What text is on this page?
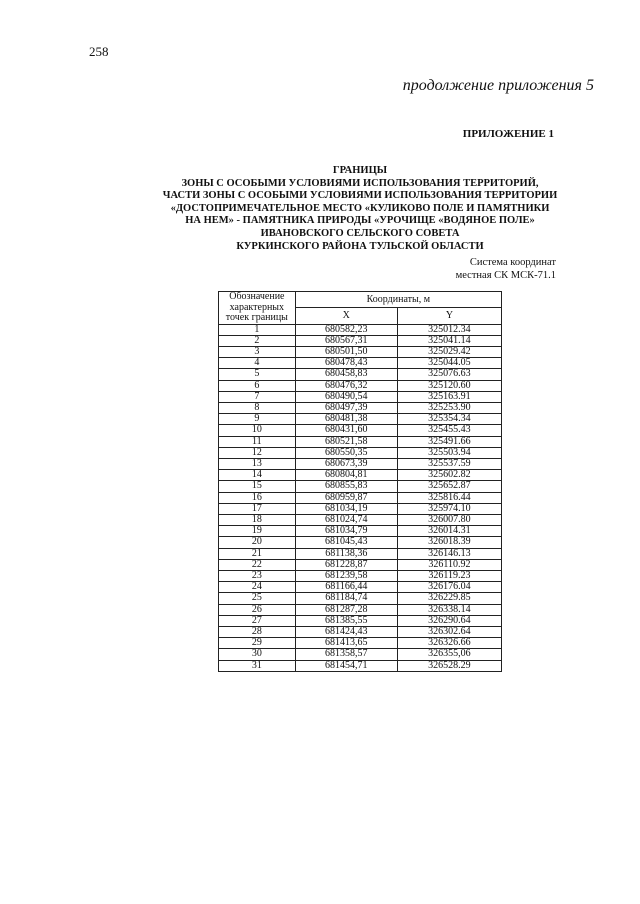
258
продолжение приложения 5
ПРИЛОЖЕНИЕ 1
ГРАНИЦЫ
ЗОНЫ С ОСОБЫМИ УСЛОВИЯМИ ИСПОЛЬЗОВАНИЯ ТЕРРИТОРИЙ,
ЧАСТИ ЗОНЫ С ОСОБЫМИ УСЛОВИЯМИ ИСПОЛЬЗОВАНИЯ ТЕРРИТОРИИ
«ДОСТОПРИМЕЧАТЕЛЬНОЕ МЕСТО «КУЛИКОВО ПОЛЕ И ПАМЯТНИКИ
НА НЕМ» - ПАМЯТНИКА ПРИРОДЫ «УРОЧИЩЕ «ВОДЯНОЕ ПОЛЕ»
ИВАНОВСКОГО СЕЛЬСКОГО СОВЕТА
КУРКИНСКОГО РАЙОНА ТУЛЬСКОЙ ОБЛАСТИ
Система координат
местная СК МСК-71.1
Обозначение характерных точек границы	Координаты, м	
	X	Y
1	680582,23	325012.34
2	680567,31	325041.14
3	680501,50	325029.42
4	680478,43	325044.05
5	680458,83	325076.63
6	680476,32	325120.60
7	680490,54	325163.91
8	680497,39	325253.90
9	680481,38	325354.34
10	680431,60	325455.43
11	680521,58	325491.66
12	680550,35	325503.94
13	680673,39	325537.59
14	680804,81	325602.82
15	680855,83	325652.87
16	680959,87	325816.44
17	681034,19	325974.10
18	681024,74	326007.80
19	681034,79	326014.31
20	681045,43	326018.39
21	681138,36	326146.13
22	681228,87	326110.92
23	681239,58	326119.23
24	681166,44	326176.04
25	681184,74	326229.85
26	681287,28	326338.14
27	681385,55	326290.64
28	681424,43	326302.64
29	681413,65	326326.66
30	681358,57	326355,06
31	681454,71	326528.29
